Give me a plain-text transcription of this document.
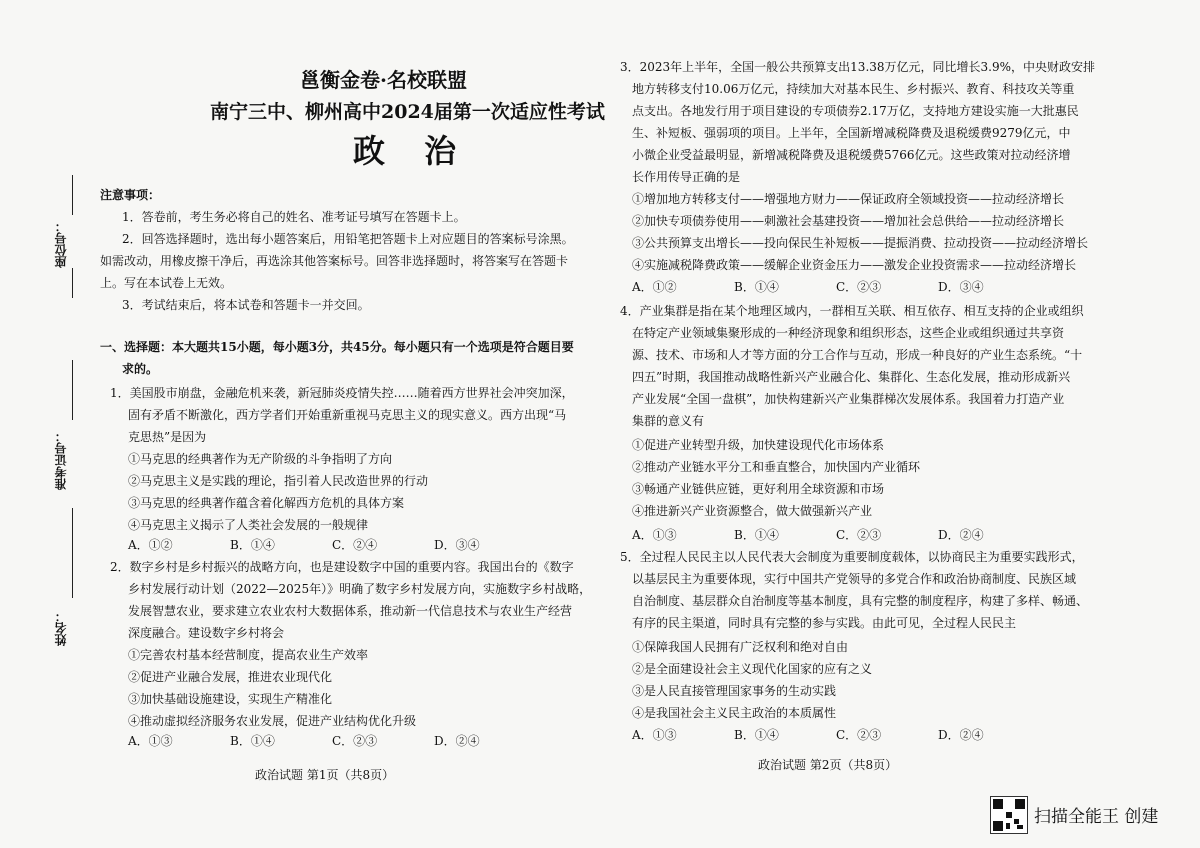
座位号：
准考证号：
姓名：
邕衡金卷·名校联盟
南宁三中、柳州高中2024届第一次适应性考试
政 治
注意事项：
1．答卷前，考生务必将自己的姓名、准考证号填写在答题卡上。
2．回答选择题时，选出每小题答案后，用铅笔把答题卡上对应题目的答案标号涂黑。
如需改动，用橡皮擦干净后，再选涂其他答案标号。回答非选择题时，将答案写在答题卡
上。写在本试卷上无效。
3．考试结束后，将本试卷和答题卡一并交回。
一、选择题：本大题共15小题，每小题3分，共45分。每小题只有一个选项是符合题目要
求的。
1．美国股市崩盘，金融危机来袭，新冠肺炎疫情失控……随着西方世界社会冲突加深，
固有矛盾不断激化，西方学者们开始重新重视马克思主义的现实意义。西方出现“马
克思热”是因为
①马克思的经典著作为无产阶级的斗争指明了方向
②马克思主义是实践的理论，指引着人民改造世界的行动
③马克思的经典著作蕴含着化解西方危机的具体方案
④马克思主义揭示了人类社会发展的一般规律
A．①②	B．①④	C．②④	D．③④
2．数字乡村是乡村振兴的战略方向，也是建设数字中国的重要内容。我国出台的《数字
乡村发展行动计划（2022—2025年）》明确了数字乡村发展方向，实施数字乡村战略，
发展智慧农业，要求建立农业农村大数据体系，推动新一代信息技术与农业生产经营
深度融合。建设数字乡村将会
①完善农村基本经营制度，提高农业生产效率
②促进产业融合发展，推进农业现代化
③加快基础设施建设，实现生产精准化
④推动虚拟经济服务农业发展，促进产业结构优化升级
A．①③	B．①④	C．②③	D．②④
政治试题 第1页（共8页）
3．2023年上半年，全国一般公共预算支出13.38万亿元，同比增长3.9%，中央财政安排
地方转移支付10.06万亿元，持续加大对基本民生、乡村振兴、教育、科技攻关等重
点支出。各地发行用于项目建设的专项债券2.17万亿，支持地方建设实施一大批惠民
生、补短板、强弱项的项目。上半年，全国新增减税降费及退税缓费9279亿元，中
小微企业受益最明显，新增减税降费及退税缓费5766亿元。这些政策对拉动经济增
长作用传导正确的是
①增加地方转移支付——增强地方财力——保证政府全领域投资——拉动经济增长
②加快专项债券使用——刺激社会基建投资——增加社会总供给——拉动经济增长
③公共预算支出增长——投向保民生补短板——提振消费、拉动投资——拉动经济增长
④实施减税降费政策——缓解企业资金压力——激发企业投资需求——拉动经济增长
A．①②	B．①④	C．②③	D．③④
4．产业集群是指在某个地理区域内，一群相互关联、相互依存、相互支持的企业或组织
在特定产业领域集聚形成的一种经济现象和组织形态，这些企业或组织通过共享资
源、技术、市场和人才等方面的分工合作与互动，形成一种良好的产业生态系统。“十
四五”时期，我国推动战略性新兴产业融合化、集群化、生态化发展，推动形成新兴
产业发展“全国一盘棋”，加快构建新兴产业集群梯次发展体系。我国着力打造产业
集群的意义有
①促进产业转型升级，加快建设现代化市场体系
②推动产业链水平分工和垂直整合，加快国内产业循环
③畅通产业链供应链，更好利用全球资源和市场
④推进新兴产业资源整合，做大做强新兴产业
A．①③	B．①④	C．②③	D．②④
5．全过程人民民主以人民代表大会制度为重要制度载体，以协商民主为重要实践形式，
以基层民主为重要体现，实行中国共产党领导的多党合作和政治协商制度、民族区域
自治制度、基层群众自治制度等基本制度，具有完整的制度程序，构建了多样、畅通、
有序的民主渠道，同时具有完整的参与实践。由此可见，全过程人民民主
①保障我国人民拥有广泛权利和绝对自由
②是全面建设社会主义现代化国家的应有之义
③是人民直接管理国家事务的生动实践
④是我国社会主义民主政治的本质属性
A．①③	B．①④	C．②③	D．②④
政治试题 第2页（共8页）
扫描全能王 创建
